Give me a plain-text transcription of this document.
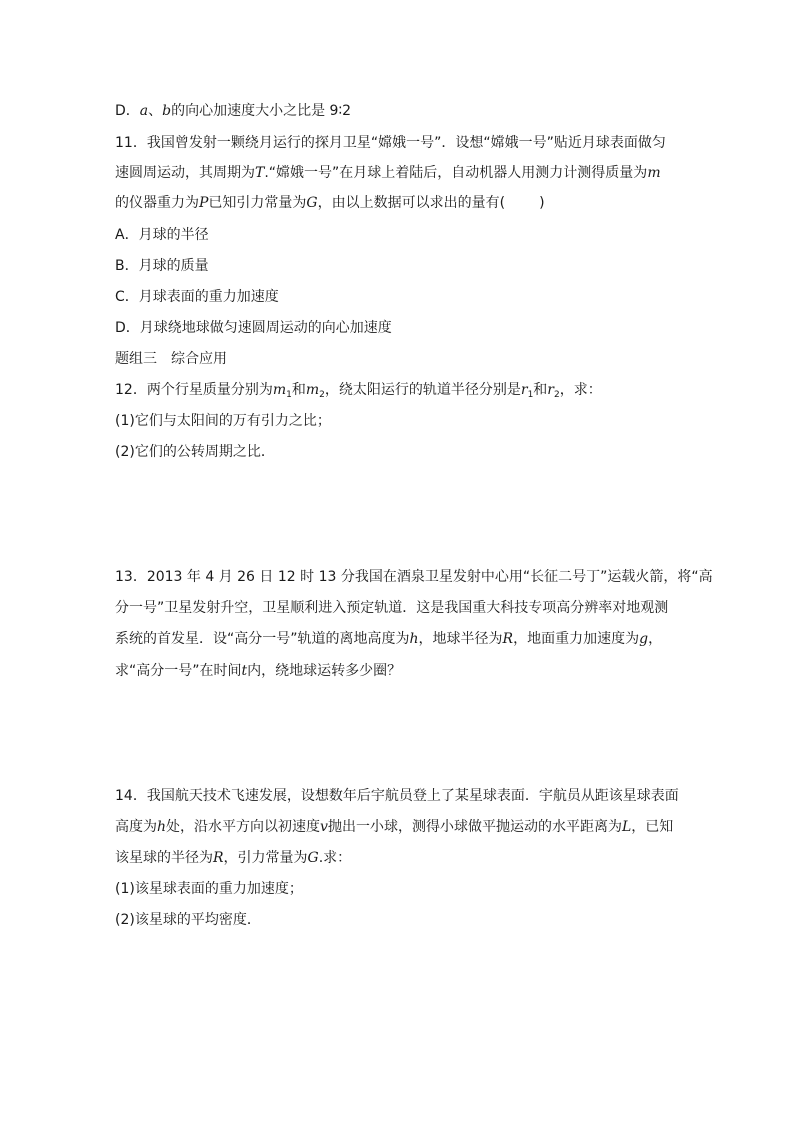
D．a、b的向心加速度大小之比是 9∶2
11．我国曾发射一颗绕月运行的探月卫星“嫦娥一号”．设想“嫦娥一号”贴近月球表面做匀
速圆周运动，其周期为T.“嫦娥一号”在月球上着陆后，自动机器人用测力计测得质量为m
的仪器重力为P已知引力常量为G，由以上数据可以求出的量有( )
A．月球的半径
B．月球的质量
C．月球表面的重力加速度
D．月球绕地球做匀速圆周运动的向心加速度
题组三　综合应用
12．两个行星质量分别为$m_1$和$m_2$，绕太阳运行的轨道半径分别是$r_1$和$r_2$，求：
(1)它们与太阳间的万有引力之比；
(2)它们的公转周期之比．
13．2013 年 4 月 26 日 12 时 13 分我国在酒泉卫星发射中心用“长征二号丁”运载火箭，将“高
分一号”卫星发射升空，卫星顺利进入预定轨道．这是我国重大科技专项高分辨率对地观测
系统的首发星．设“高分一号”轨道的离地高度为h，地球半径为R，地面重力加速度为g，
求“高分一号”在时间t内，绕地球运转多少圈？
14．我国航天技术飞速发展，设想数年后宇航员登上了某星球表面．宇航员从距该星球表面
高度为h处，沿水平方向以初速度v抛出一小球，测得小球做平抛运动的水平距离为L，已知
该星球的半径为R，引力常量为G.求：
(1)该星球表面的重力加速度；
(2)该星球的平均密度．
